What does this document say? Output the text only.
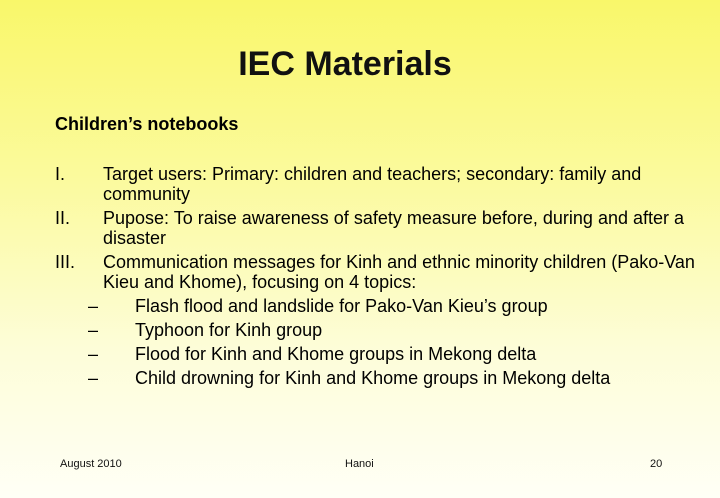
IEC Materials
Children’s notebooks
I.	Target users: Primary: children and teachers; secondary: family and community
II.	Pupose: To raise awareness of safety measure before, during and after a disaster
III.	Communication messages for Kinh and ethnic minority children (Pako-Van Kieu and Khome), focusing on 4 topics:
–	Flash flood and landslide for Pako-Van Kieu’s group
–	Typhoon for Kinh group
–	Flood for Kinh and Khome groups in Mekong delta
–	Child drowning for Kinh and Khome groups in Mekong delta
August 2010	Hanoi	20
